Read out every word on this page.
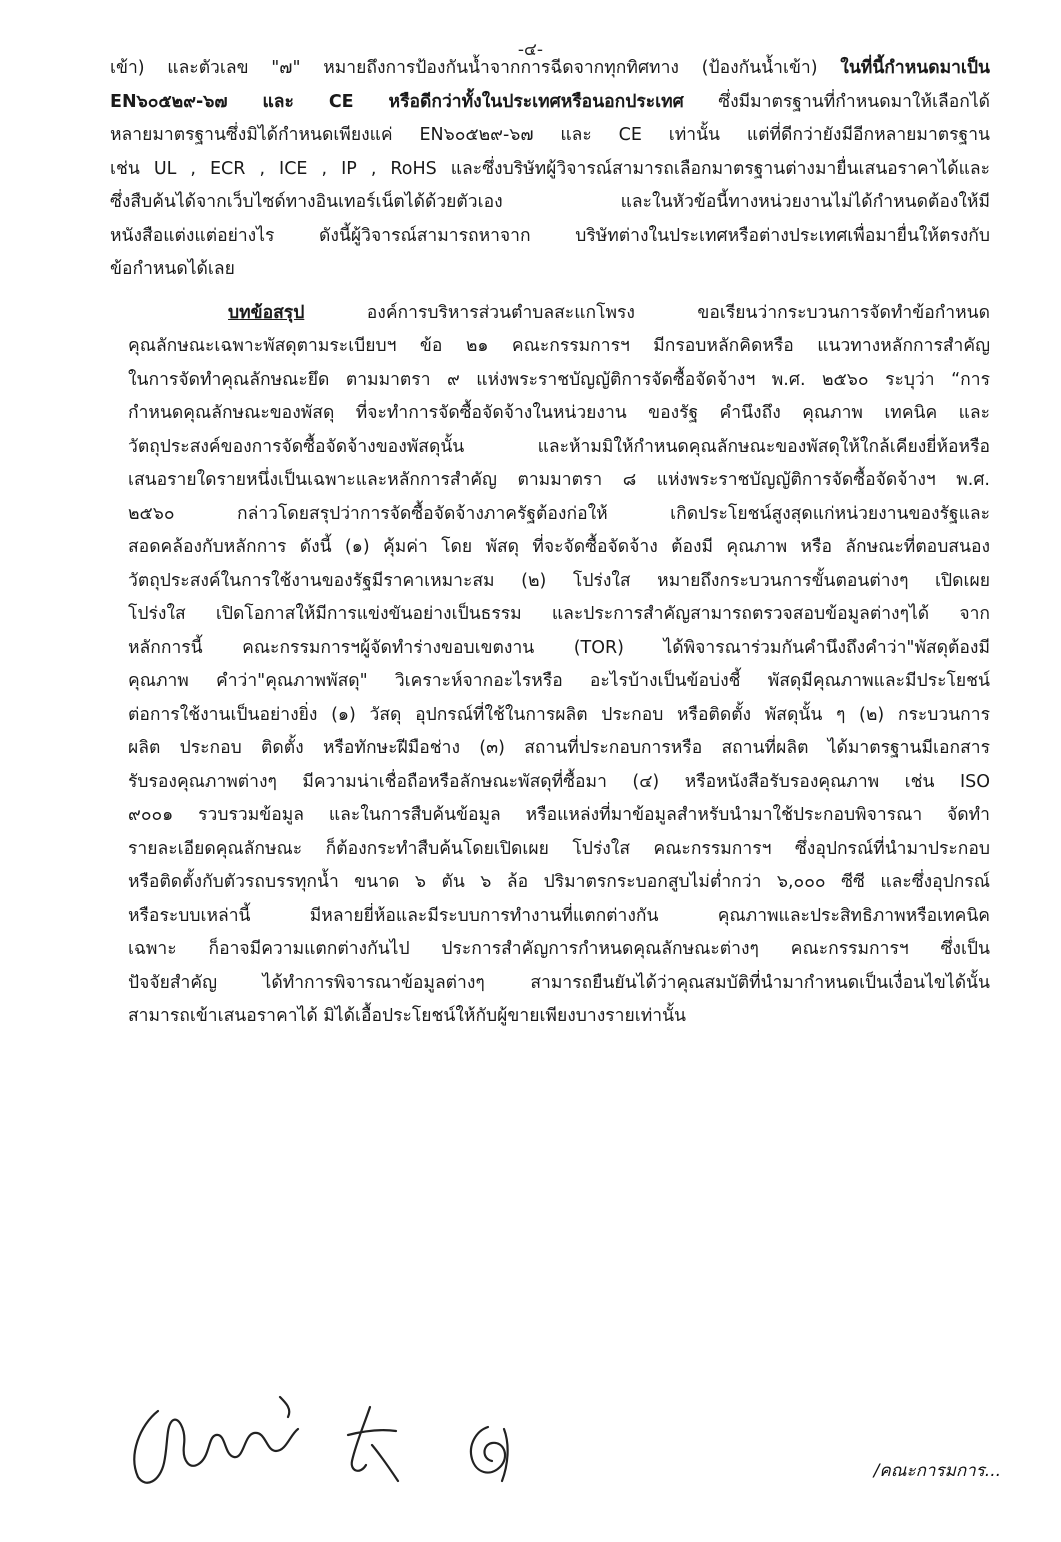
-๔-
เข้า) และตัวเลข "๗" หมายถึงการป้องกันน้ำจากการฉีดจากทุกทิศทาง (ป้องกันน้ำเข้า) ในที่นี้กำหนดมาเป็น
EN๖๐๕๒๙-๖๗ และ CE หรือดีกว่าทั้งในประเทศหรือนอกประเทศ ซึ่งมีมาตรฐานที่กำหนดมาให้เลือกได้
หลายมาตรฐานซึ่งมิได้กำหนดเพียงแค่ EN๖๐๕๒๙-๖๗ และ CE เท่านั้น แต่ที่ดีกว่ายังมีอีกหลายมาตรฐาน
เช่น UL , ECR , ICE , IP , RoHS และซึ่งบริษัทผู้วิจารณ์สามารถเลือกมาตรฐานต่างมายื่นเสนอราคาได้และ
ซึ่งสืบค้นได้จากเว็บไซด์ทางอินเทอร์เน็ตได้ด้วยตัวเอง และในหัวข้อนี้ทางหน่วยงานไม่ได้กำหนดต้องให้มี
หนังสือแต่งแต่อย่างไร ดังนี้ผู้วิจารณ์สามารถหาจาก บริษัทต่างในประเทศหรือต่างประเทศเพื่อมายื่นให้ตรงกับ
ข้อกำหนดได้เลย
บทข้อสรุป องค์การบริหารส่วนตำบลสะแกโพรง ขอเรียนว่ากระบวนการจัดทำข้อกำหนด
คุณลักษณะเฉพาะพัสดุตามระเบียบฯ ข้อ ๒๑ คณะกรรมการฯ มีกรอบหลักคิดหรือ แนวทางหลักการสำคัญ
ในการจัดทำคุณลักษณะยึด ตามมาตรา ๙ แห่งพระราชบัญญัติการจัดซื้อจัดจ้างฯ พ.ศ. ๒๕๖๐ ระบุว่า “การ
กำหนดคุณลักษณะของพัสดุ ที่จะทำการจัดซื้อจัดจ้างในหน่วยงาน ของรัฐ คำนึงถึง คุณภาพ เทคนิค และ
วัตถุประสงค์ของการจัดซื้อจัดจ้างของพัสดุนั้น และห้ามมิให้กำหนดคุณลักษณะของพัสดุให้ใกล้เคียงยี่ห้อหรือ
เสนอรายใดรายหนึ่งเป็นเฉพาะและหลักการสำคัญ ตามมาตรา ๘ แห่งพระราชบัญญัติการจัดซื้อจัดจ้างฯ พ.ศ.
๒๕๖๐ กล่าวโดยสรุปว่าการจัดซื้อจัดจ้างภาครัฐต้องก่อให้ เกิดประโยชน์สูงสุดแก่หน่วยงานของรัฐและ
สอดคล้องกับหลักการ ดังนี้ (๑) คุ้มค่า โดย พัสดุ ที่จะจัดซื้อจัดจ้าง ต้องมี คุณภาพ หรือ ลักษณะที่ตอบสนอง
วัตถุประสงค์ในการใช้งานของรัฐมีราคาเหมาะสม (๒) โปร่งใส หมายถึงกระบวนการขั้นตอนต่างๆ เปิดเผย
โปร่งใส เปิดโอกาสให้มีการแข่งขันอย่างเป็นธรรม และประการสำคัญสามารถตรวจสอบข้อมูลต่างๆได้ จาก
หลักการนี้ คณะกรรมการฯผู้จัดทำร่างขอบเขตงาน (TOR) ได้พิจารณาร่วมกันคำนึงถึงคำว่า"พัสดุต้องมี
คุณภาพ คำว่า"คุณภาพพัสดุ" วิเคราะห์จากอะไรหรือ อะไรบ้างเป็นข้อบ่งชี้ พัสดุมีคุณภาพและมีประโยชน์
ต่อการใช้งานเป็นอย่างยิ่ง (๑) วัสดุ อุปกรณ์ที่ใช้ในการผลิต ประกอบ หรือติดตั้ง พัสดุนั้น ๆ (๒) กระบวนการ
ผลิต ประกอบ ติดตั้ง หรือทักษะฝีมือช่าง (๓) สถานที่ประกอบการหรือ สถานที่ผลิต ได้มาตรฐานมีเอกสาร
รับรองคุณภาพต่างๆ มีความน่าเชื่อถือหรือลักษณะพัสดุที่ซื้อมา (๔) หรือหนังสือรับรองคุณภาพ เช่น ISO
๙๐๐๑ รวบรวมข้อมูล และในการสืบค้นข้อมูล หรือแหล่งที่มาข้อมูลสำหรับนำมาใช้ประกอบพิจารณา จัดทำ
รายละเอียดคุณลักษณะ ก็ต้องกระทำสืบค้นโดยเปิดเผย โปร่งใส คณะกรรมการฯ ซึ่งอุปกรณ์ที่นำมาประกอบ
หรือติดตั้งกับตัวรถบรรทุกน้ำ ขนาด ๖ ตัน ๖ ล้อ ปริมาตรกระบอกสูบไม่ต่ำกว่า ๖,๐๐๐ ซีซี และซึ่งอุปกรณ์
หรือระบบเหล่านี้ มีหลายยี่ห้อและมีระบบการทำงานที่แตกต่างกัน คุณภาพและประสิทธิภาพหรือเทคนิค
เฉพาะ ก็อาจมีความแตกต่างกันไป ประการสำคัญการกำหนดคุณลักษณะต่างๆ คณะกรรมการฯ ซึ่งเป็น
ปัจจัยสำคัญ ได้ทำการพิจารณาข้อมูลต่างๆ สามารถยืนยันได้ว่าคุณสมบัติที่นำมากำหนดเป็นเงื่อนไขได้นั้น
สามารถเข้าเสนอราคาได้ มิได้เอื้อประโยชน์ให้กับผู้ขายเพียงบางรายเท่านั้น
/คณะการมการ...
